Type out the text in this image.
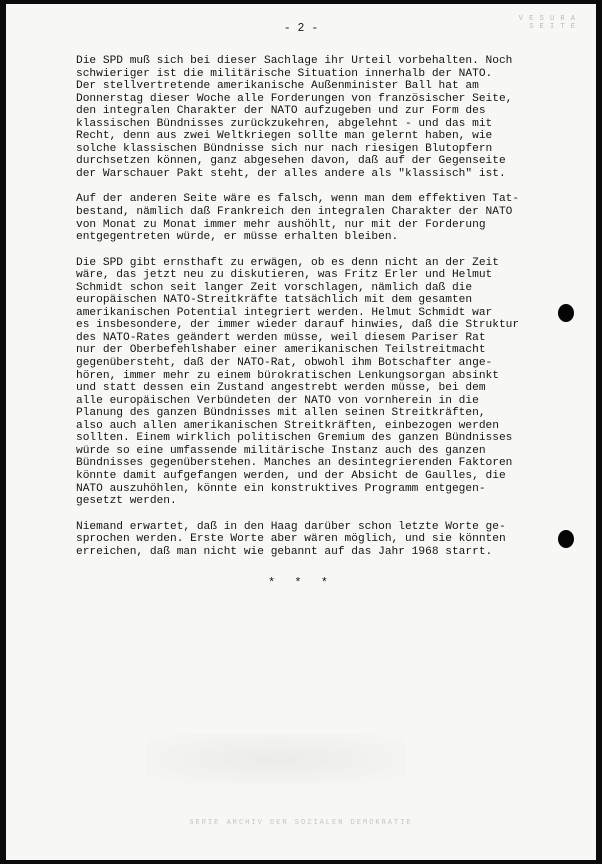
V E S U R A
S E I T E
- 2 -
Die SPD muß sich bei dieser Sachlage ihr Urteil vorbehalten. Noch
schwieriger ist die militärische Situation innerhalb der NATO.
Der stellvertretende amerikanische Außenminister Ball hat am
Donnerstag dieser Woche alle Forderungen von französischer Seite,
den integralen Charakter der NATO aufzugeben und zur Form des
klassischen Bündnisses zurückzukehren, abgelehnt - und das mit
Recht, denn aus zwei Weltkriegen sollte man gelernt haben, wie
solche klassischen Bündnisse sich nur nach riesigen Blutopfern
durchsetzen können, ganz abgesehen davon, daß auf der Gegenseite
der Warschauer Pakt steht, der alles andere als "klassisch" ist.
Auf der anderen Seite wäre es falsch, wenn man dem effektiven Tat-
bestand, nämlich daß Frankreich den integralen Charakter der NATO
von Monat zu Monat immer mehr aushöhlt, nur mit der Forderung
entgegentreten würde, er müsse erhalten bleiben.
Die SPD gibt ernsthaft zu erwägen, ob es denn nicht an der Zeit
wäre, das jetzt neu zu diskutieren, was Fritz Erler und Helmut
Schmidt schon seit langer Zeit vorschlagen, nämlich daß die
europäischen NATO-Streitkräfte tatsächlich mit dem gesamten
amerikanischen Potential integriert werden. Helmut Schmidt war
es insbesondere, der immer wieder darauf hinwies, daß die Struktur
des NATO-Rates geändert werden müsse, weil diesem Pariser Rat
nur der Oberbefehlshaber einer amerikanischen Teilstreitmacht
gegenübersteht, daß der NATO-Rat, obwohl ihm Botschafter ange-
hören, immer mehr zu einem bürokratischen Lenkungsorgan absinkt
und statt dessen ein Zustand angestrebt werden müsse, bei dem
alle europäischen Verbündeten der NATO von vornherein in die
Planung des ganzen Bündnisses mit allen seinen Streitkräften,
also auch allen amerikanischen Streitkräften, einbezogen werden
sollten. Einem wirklich politischen Gremium des ganzen Bündnisses
würde so eine umfassende militärische Instanz auch des ganzen
Bündnisses gegenüberstehen. Manches an desintegrierenden Faktoren
könnte damit aufgefangen werden, und der Absicht de Gaulles, die
NATO auszuhöhlen, könnte ein konstruktives Programm entgegen-
gesetzt werden.
Niemand erwartet, daß in den Haag darüber schon letzte Worte ge-
sprochen werden. Erste Worte aber wären möglich, und sie könnten
erreichen, daß man nicht wie gebannt auf das Jahr 1968 starrt.
* * *
SERIE ARCHIV DER SOZIALEN DEMOKRATIE
